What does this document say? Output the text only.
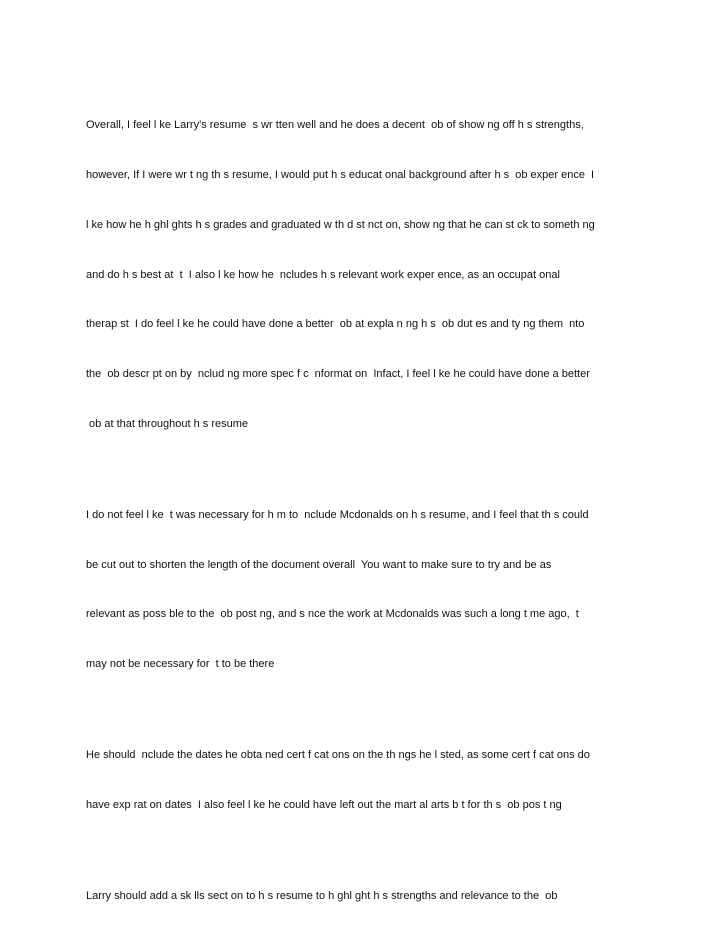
Overall, I feel l ke Larry's resume  s wr tten well and he does a decent  ob of show ng off h s strengths,

however, If I were wr t ng th s resume, I would put h s educat onal background after h s  ob exper ence  I

l ke how he h ghl ghts h s grades and graduated w th d st nct on, show ng that he can st ck to someth ng

and do h s best at  t  I also l ke how he  ncludes h s relevant work exper ence, as an occupat onal

therap st  I do feel l ke he could have done a better  ob at expla n ng h s  ob dut es and ty ng them  nto

the  ob descr pt on by  nclud ng more spec f c  nformat on  Infact, I feel l ke he could have done a better

ob at that throughout h s resume

I do not feel l ke  t was necessary for h m to  nclude Mcdonalds on h s resume, and I feel that th s could

be cut out to shorten the length of the document overall  You want to make sure to try and be as

relevant as poss ble to the  ob post ng, and s nce the work at Mcdonalds was such a long t me ago,  t

may not be necessary for  t to be there

He should  nclude the dates he obta ned cert f cat ons on the th ngs he l sted, as some cert f cat ons do

have exp rat on dates  I also feel l ke he could have left out the mart al arts b t for th s  ob pos t ng

Larry should add a sk lls sect on to h s resume to h ghl ght h s strengths and relevance to the  ob
